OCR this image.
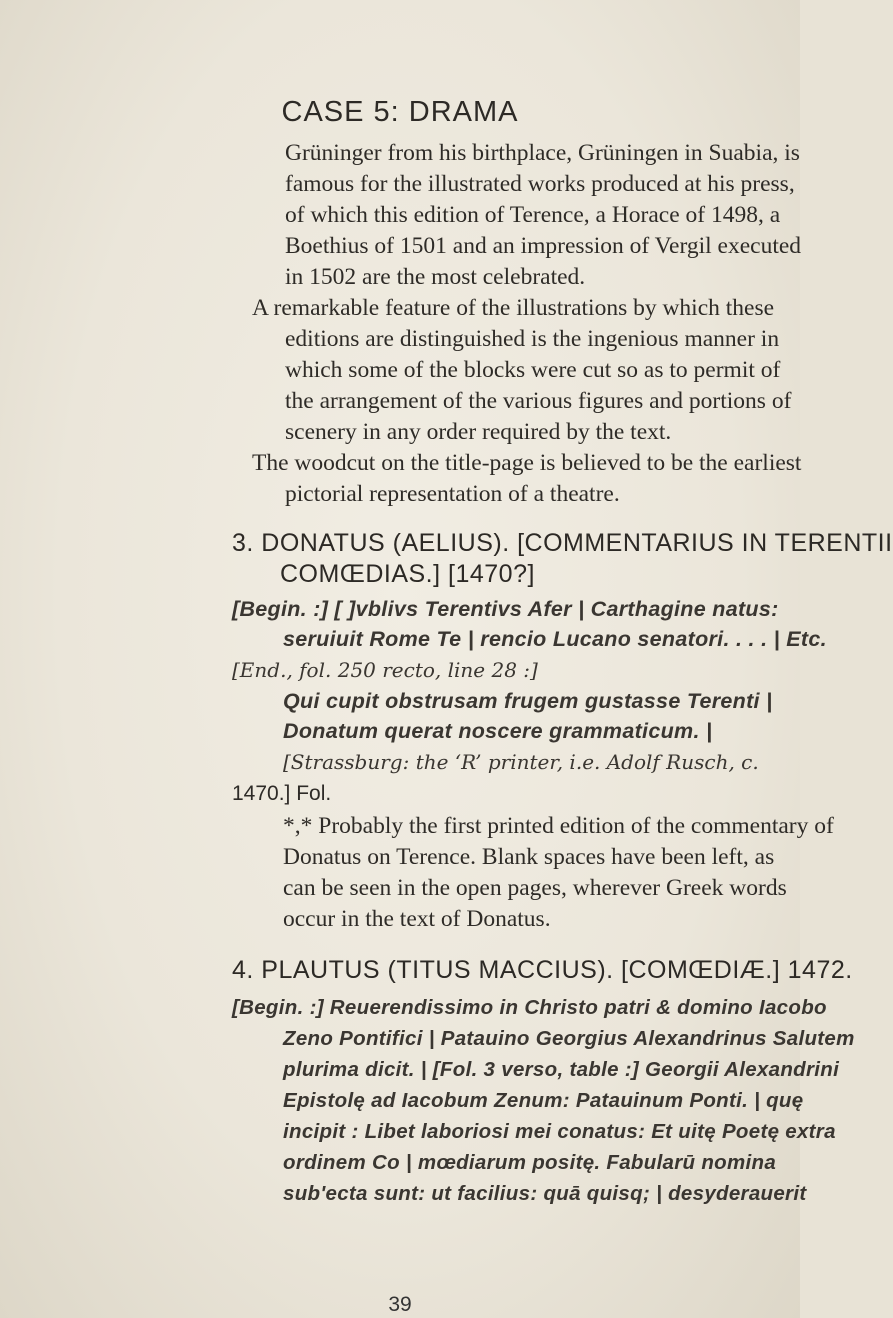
CASE 5: DRAMA
Grüninger from his birthplace, Grüningen in Suabia, is
famous for the illustrated works produced at his press,
of which this edition of Terence, a Horace of 1498, a
Boethius of 1501 and an impression of Vergil executed
in 1502 are the most celebrated.
A remarkable feature of the illustrations by which these
editions are distinguished is the ingenious manner in
which some of the blocks were cut so as to permit of
the arrangement of the various figures and portions of
scenery in any order required by the text.
The woodcut on the title-page is believed to be the earliest
pictorial representation of a theatre.
3. DONATUS (AELIUS). [COMMENTARIUS IN TERENTII
COMŒDIAS.] [1470?]
[Begin. :] [ ]vblivs Terentivs Afer | Carthagine natus:
seruiuit Rome Te | rencio Lucano senatori. . . . | Etc.
[End., fol. 250 recto, line 28 :]
Qui cupit obstrusam frugem gustasse Terenti |
Donatum querat noscere grammaticum. |
[Strassburg: the ‘R’ printer, i.e. Adolf Rusch, c.
1470.] Fol.
*,* Probably the first printed edition of the commentary of
Donatus on Terence. Blank spaces have been left, as
can be seen in the open pages, wherever Greek words
occur in the text of Donatus.
4. PLAUTUS (TITUS MACCIUS). [COMŒDIÆ.] 1472.
[Begin. :] Reuerendissimo in Christo patri & domino Iacobo
Zeno Pontifici | Patauino Georgius Alexandrinus Salutem
plurima dicit. | [Fol. 3 verso, table :] Georgii Alexandrini
Epistolę ad Iacobum Zenum: Patauinum Ponti. | quę
incipit : Libet laboriosi mei conatus: Et uitę Poetę extra
ordinem Co | mœdiarum positę. Fabularū nomina
sub'ecta sunt: ut facilius: quā quisq; | desyderauerit
39
